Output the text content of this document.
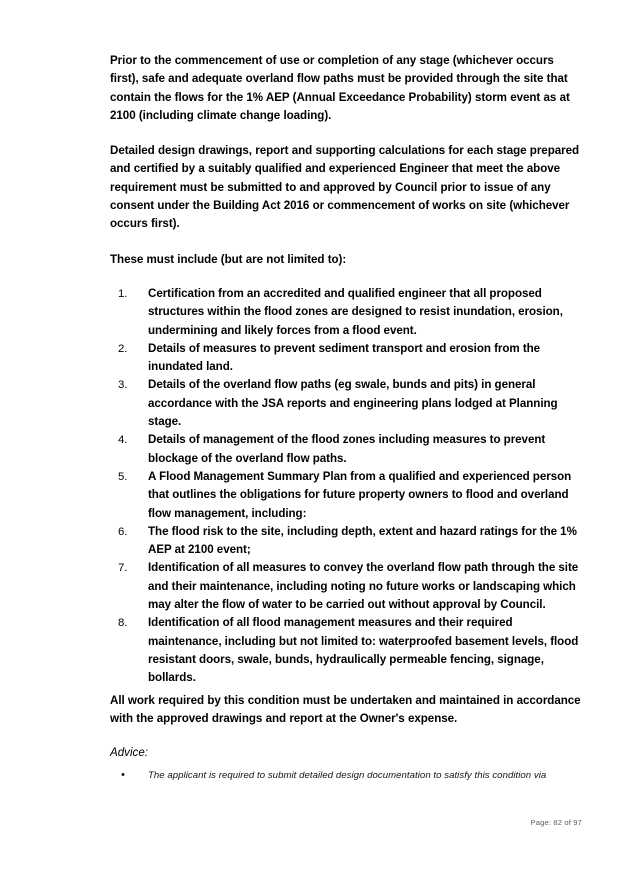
Prior to the commencement of use or completion of any stage (whichever occurs first), safe and adequate overland flow paths must be provided through the site that contain the flows for the 1% AEP (Annual Exceedance Probability) storm event as at 2100 (including climate change loading).

Detailed design drawings, report and supporting calculations for each stage prepared and certified by a suitably qualified and experienced Engineer that meet the above requirement must be submitted to and approved by Council prior to issue of any consent under the Building Act 2016 or commencement of works on site (whichever occurs first).

These must include (but are not limited to):

1.	Certification from an accredited and qualified engineer that all proposed structures within the flood zones are designed to resist inundation, erosion, undermining and likely forces from a flood event.
2.	Details of measures to prevent sediment transport and erosion from the inundated land.
3.	Details of the overland flow paths (eg swale, bunds and pits) in general accordance with the JSA reports and engineering plans lodged at Planning stage.
4.	Details of management of the flood zones including measures to prevent blockage of the overland flow paths.
5.	A Flood Management Summary Plan from a qualified and experienced person that outlines the obligations for future property owners to flood and overland flow management, including:
6.	The flood risk to the site, including depth, extent and hazard ratings for the 1% AEP at 2100 event;
7.	Identification of all measures to convey the overland flow path through the site and their maintenance, including noting no future works or landscaping which may alter the flow of water to be carried out without approval by Council.
8.	Identification of all flood management measures and their required maintenance, including but not limited to: waterproofed basement levels, flood resistant doors, swale, bunds, hydraulically permeable fencing, signage, bollards.

All work required by this condition must be undertaken and maintained in accordance with the approved drawings and report at the Owner's expense.

Advice:

• The applicant is required to submit detailed design documentation to satisfy this condition via
Page: 82 of 97
